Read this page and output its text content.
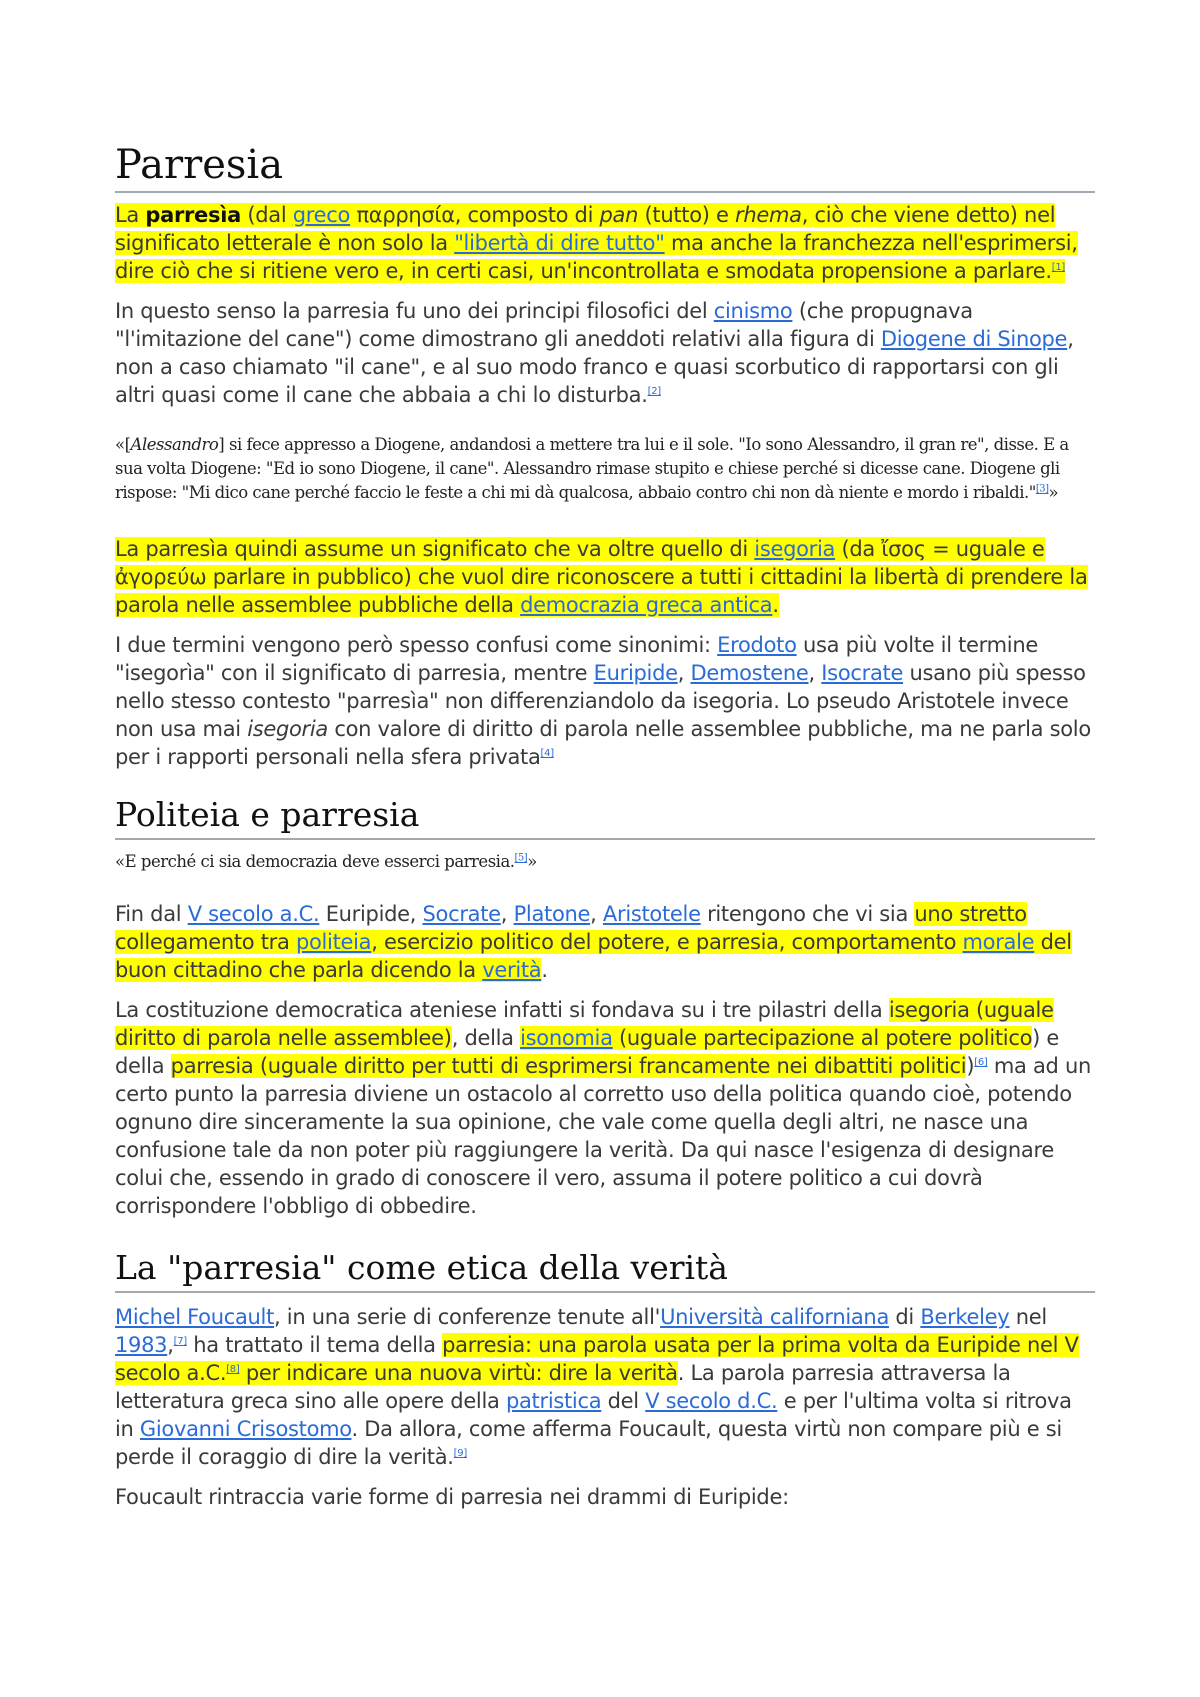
Parresia

La parresìa (dal greco παρρησία, composto di pan (tutto) e rhema, ciò che viene detto) nel significato letterale è non solo la "libertà di dire tutto" ma anche la franchezza nell'esprimersi, dire ciò che si ritiene vero e, in certi casi, un'incontrollata e smodata propensione a parlare.[1]

In questo senso la parresia fu uno dei principi filosofici del cinismo (che propugnava "l'imitazione del cane") come dimostrano gli aneddoti relativi alla figura di Diogene di Sinope, non a caso chiamato "il cane", e al suo modo franco e quasi scorbutico di rapportarsi con gli altri quasi come il cane che abbaia a chi lo disturba.[2]

«[Alessandro] si fece appresso a Diogene, andandosi a mettere tra lui e il sole. "Io sono Alessandro, il gran re", disse. E a sua volta Diogene: "Ed io sono Diogene, il cane". Alessandro rimase stupito e chiese perché si dicesse cane. Diogene gli rispose: "Mi dico cane perché faccio le feste a chi mi dà qualcosa, abbaio contro chi non dà niente e mordo i ribaldi."[3]»

La parresìa quindi assume un significato che va oltre quello di isegoria (da ἴσος = uguale e ἀγορεύω parlare in pubblico) che vuol dire riconoscere a tutti i cittadini la libertà di prendere la parola nelle assemblee pubbliche della democrazia greca antica.

I due termini vengono però spesso confusi come sinonimi: Erodoto usa più volte il termine "isegorìa" con il significato di parresia, mentre Euripide, Demostene, Isocrate usano più spesso nello stesso contesto "parresìa" non differenziandolo da isegoria. Lo pseudo Aristotele invece non usa mai isegoria con valore di diritto di parola nelle assemblee pubbliche, ma ne parla solo per i rapporti personali nella sfera privata[4]

Politeia e parresia
«E perché ci sia democrazia deve esserci parresia.[5]»

Fin dal V secolo a.C. Euripide, Socrate, Platone, Aristotele ritengono che vi sia uno stretto collegamento tra politeia, esercizio politico del potere, e parresia, comportamento morale del buon cittadino che parla dicendo la verità.

La costituzione democratica ateniese infatti si fondava su i tre pilastri della isegoria (uguale diritto di parola nelle assemblee), della isonomia (uguale partecipazione al potere politico) e della parresia (uguale diritto per tutti di esprimersi francamente nei dibattiti politici)[6] ma ad un certo punto la parresia diviene un ostacolo al corretto uso della politica quando cioè, potendo ognuno dire sinceramente la sua opinione, che vale come quella degli altri, ne nasce una confusione tale da non poter più raggiungere la verità. Da qui nasce l'esigenza di designare colui che, essendo in grado di conoscere il vero, assuma il potere politico a cui dovrà corrispondere l'obbligo di obbedire.

La "parresia" come etica della verità

Michel Foucault, in una serie di conferenze tenute all'Università californiana di Berkeley nel 1983,[7] ha trattato il tema della parresia: una parola usata per la prima volta da Euripide nel V secolo a.C.[8] per indicare una nuova virtù: dire la verità. La parola parresia attraversa la letteratura greca sino alle opere della patristica del V secolo d.C. e per l'ultima volta si ritrova in Giovanni Crisostomo. Da allora, come afferma Foucault, questa virtù non compare più e si perde il coraggio di dire la verità.[9]

Foucault rintraccia varie forme di parresia nei drammi di Euripide:
